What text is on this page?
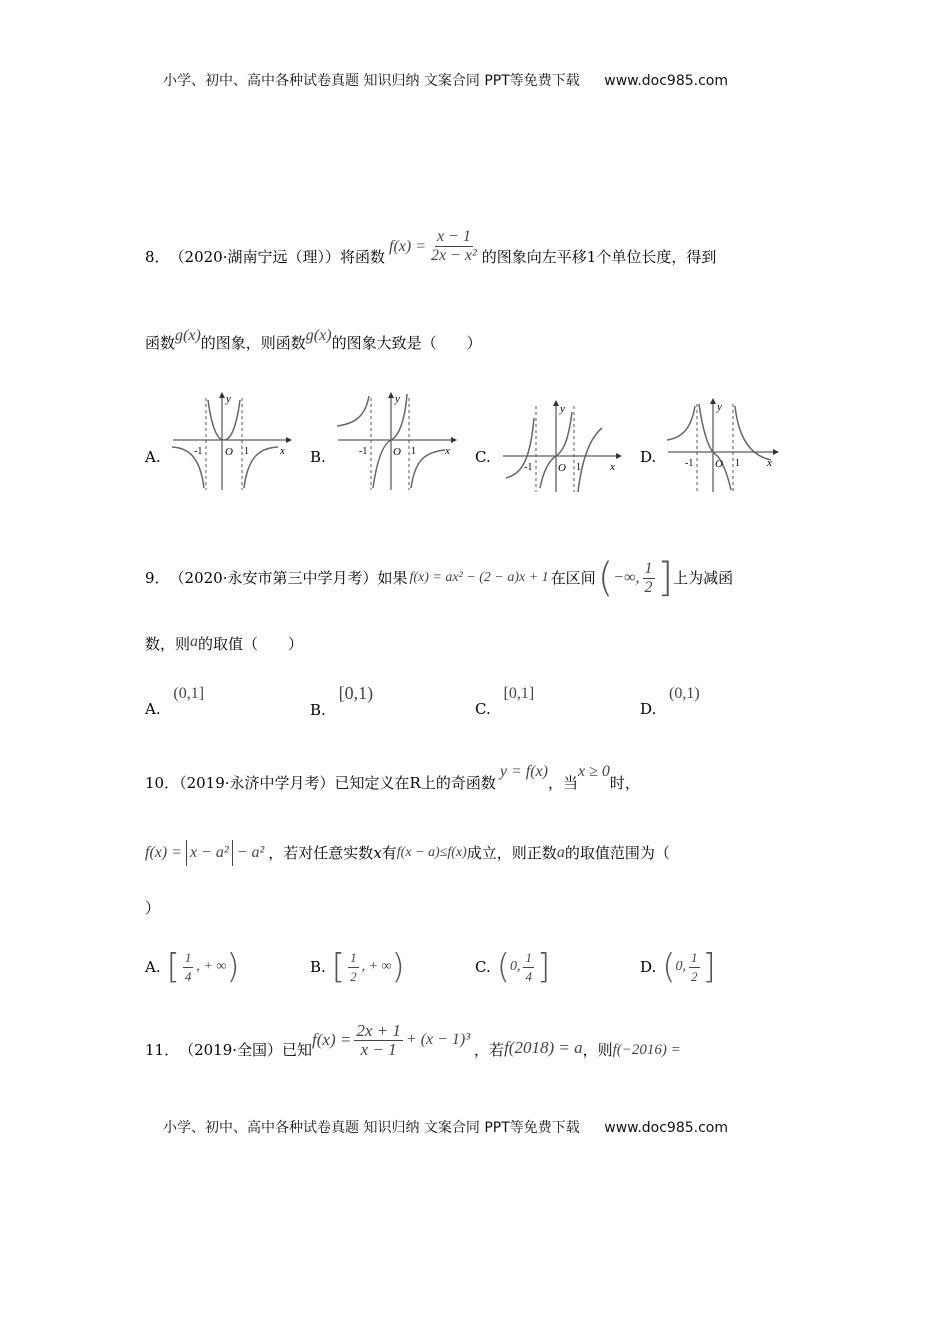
小学、初中、高中各种试卷真题 知识归纳 文案合同 PPT等免费下载 www.doc985.com
8． （2020·湖南宁远（理））将函数
$f(x) = \frac{x - 1}{\text{2x − x²}}$ 的图象向左平移1个单位长度，得到
函数g(x)的图象，则函数g(x)的图象大致是（　　）
A.
y
x
-1 O 1	B.
y
x
-1 O 1	C.
y
x
-1 O 1
D.
y
x
-1 O 1
9． （2020·永安市第三中学月考）如果 f(x) = ax² − (2 − a)x + 1 在区间 ( −∞, $\frac{1}{2}$ ] 上为减函
数，则a的取值（　　）
A. (0,1]
B. [0,1)
C. [0,1]
D. (0,1)
10．（2019·永济中学月考）已知定义在R上的奇函数y = f(x)，当x ≥ 0时，
f(x) = x − a² − a² ，若对任意实数 x 有 f(x − a)≤f(x) 成立，则正数 a 的取值范围为（
）
A. [ $\frac{1}{4}$ , + ∞ )	B. [ $\frac{1}{2}$ , + ∞ )	C. ( 0, $\frac{1}{4}$ ]	D. ( 0, $\frac{1}{2}$ ]
11． （2019·全国）已知
$f(x) = \frac{2x + 1}{x - 1} + (x - 1)^3$
，若 f(2018) = a ，则 f(−2016) =
小学、初中、高中各种试卷真题 知识归纳 文案合同 PPT等免费下载 www.doc985.com
